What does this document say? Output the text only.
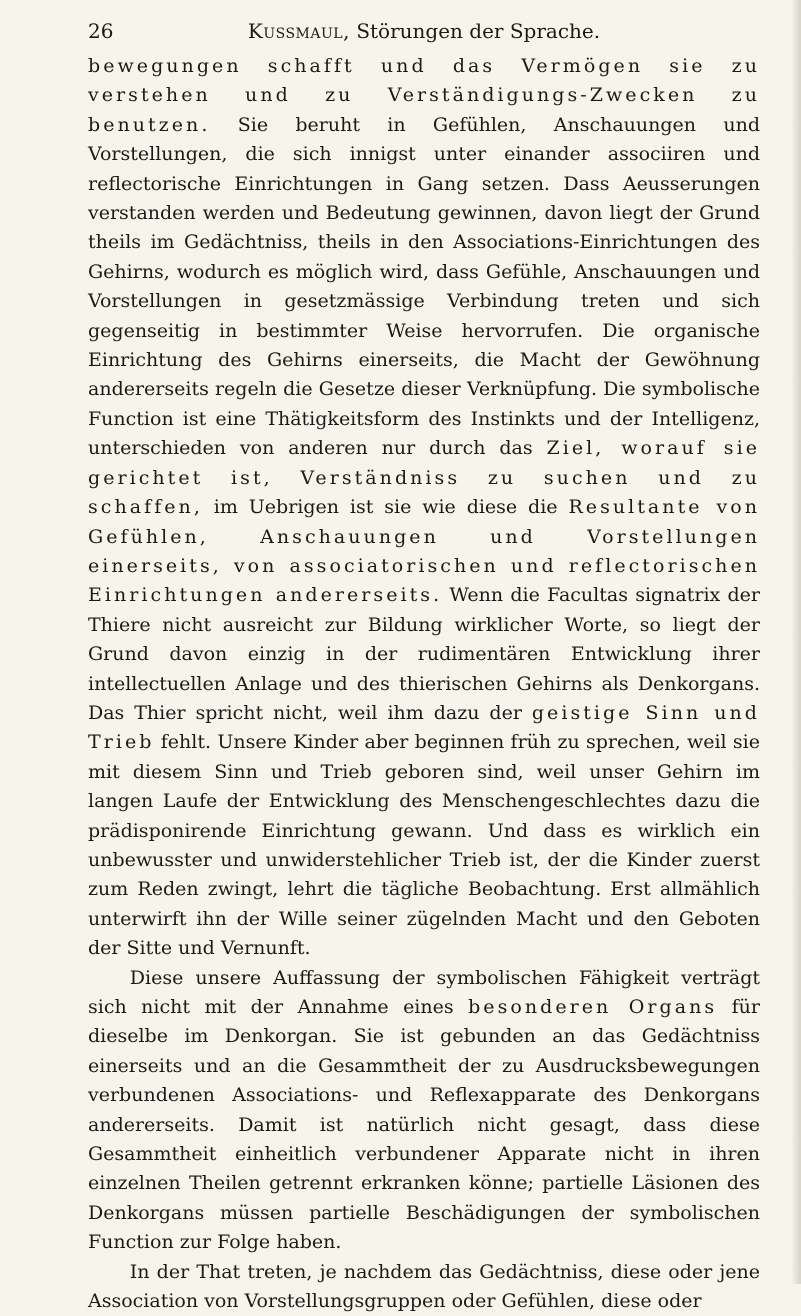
26	Kussmaul, Störungen der Sprache.

bewegungen schafft und das Vermögen sie zu verstehen und zu Verständigungs-Zwecken zu benutzen. Sie beruht in Gefühlen, Anschauungen und Vorstellungen, die sich innigst unter einander associiren und reflectorische Einrichtungen in Gang setzen. Dass Aeusserungen verstanden werden und Bedeutung gewinnen, davon liegt der Grund theils im Gedächtniss, theils in den Associations-Einrichtungen des Gehirns, wodurch es möglich wird, dass Gefühle, Anschauungen und Vorstellungen in gesetzmässige Verbindung treten und sich gegenseitig in bestimmter Weise hervorrufen. Die organische Einrichtung des Gehirns einerseits, die Macht der Gewöhnung andererseits regeln die Gesetze dieser Verknüpfung. Die symbolische Function ist eine Thätigkeitsform des Instinkts und der Intelligenz, unterschieden von anderen nur durch das Ziel, worauf sie gerichtet ist, Verständniss zu suchen und zu schaffen, im Uebrigen ist sie wie diese die Resultante von Gefühlen, Anschauungen und Vorstellungen einerseits, von associatorischen und reflectorischen Einrichtungen andererseits. Wenn die Facultas signatrix der Thiere nicht ausreicht zur Bildung wirklicher Worte, so liegt der Grund davon einzig in der rudimentären Entwicklung ihrer intellectuellen Anlage und des thierischen Gehirns als Denkorgans. Das Thier spricht nicht, weil ihm dazu der geistige Sinn und Trieb fehlt. Unsere Kinder aber beginnen früh zu sprechen, weil sie mit diesem Sinn und Trieb geboren sind, weil unser Gehirn im langen Laufe der Entwicklung des Menschengeschlechtes dazu die prädisponirende Einrichtung gewann. Und dass es wirklich ein unbewusster und unwiderstehlicher Trieb ist, der die Kinder zuerst zum Reden zwingt, lehrt die tägliche Beobachtung. Erst allmählich unterwirft ihn der Wille seiner zügelnden Macht und den Geboten der Sitte und Vernunft.

Diese unsere Auffassung der symbolischen Fähigkeit verträgt sich nicht mit der Annahme eines besonderen Organs für dieselbe im Denkorgan. Sie ist gebunden an das Gedächtniss einerseits und an die Gesammtheit der zu Ausdrucksbewegungen verbundenen Associations- und Reflexapparate des Denkorgans andererseits. Damit ist natürlich nicht gesagt, dass diese Gesammtheit einheitlich verbundener Apparate nicht in ihren einzelnen Theilen getrennt erkranken könne; partielle Läsionen des Denkorgans müssen partielle Beschädigungen der symbolischen Function zur Folge haben.

In der That treten, je nachdem das Gedächtniss, diese oder jene Association von Vorstellungsgruppen oder Gefühlen, diese oder
